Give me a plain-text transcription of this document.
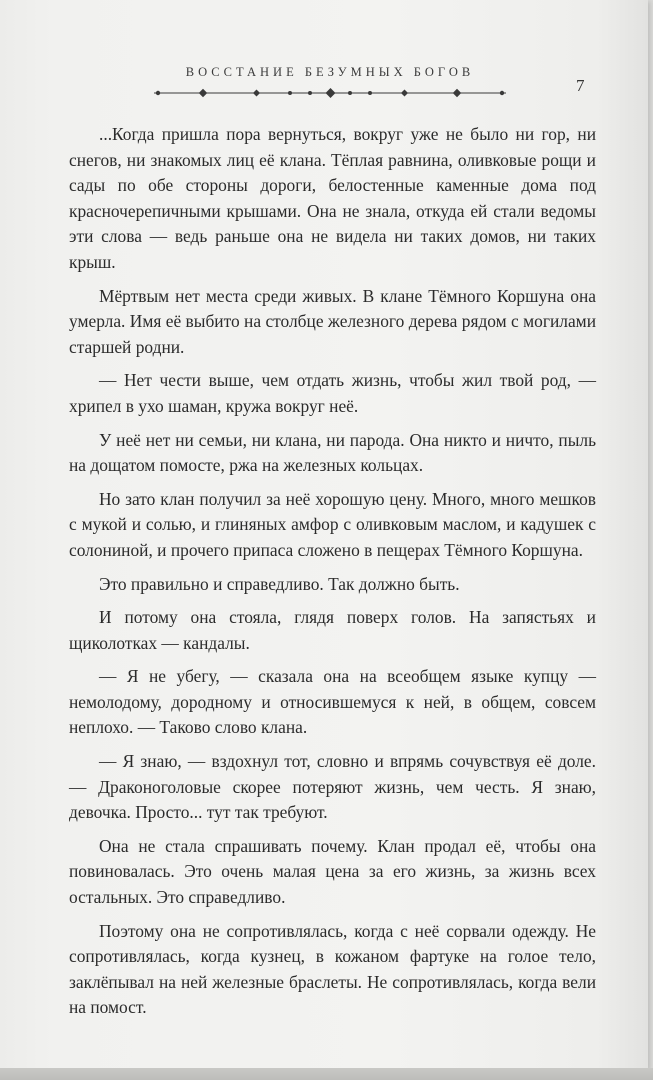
ВОССТАНИЕ БЕЗУМНЫХ БОГОВ
7

...Когда пришла пора вернуться, вокруг уже не было ни гор, ни снегов, ни знакомых лиц её клана. Тёплая равнина, оливковые рощи и сады по обе стороны дороги, белостенные каменные дома под красночерепичными крышами. Она не знала, откуда ей стали ведомы эти слова — ведь раньше она не видела ни таких домов, ни таких крыш.

Мёртвым нет места среди живых. В клане Тёмного Коршуна она умерла. Имя её выбито на столбце железного дерева рядом с могилами старшей родни.

— Нет чести выше, чем отдать жизнь, чтобы жил твой род, — хрипел в ухо шаман, кружа вокруг неё.

У неё нет ни семьи, ни клана, ни парода. Она никто и ничто, пыль на дощатом помосте, ржа на железных кольцах.

Но зато клан получил за неё хорошую цену. Много, много мешков с мукой и солью, и глиняных амфор с оливковым маслом, и кадушек с солониной, и прочего припаса сложено в пещерах Тёмного Коршуна.

Это правильно и справедливо. Так должно быть.

И потому она стояла, глядя поверх голов. На запястьях и щиколотках — кандалы.

— Я не убегу, — сказала она на всеобщем языке купцу — немолодому, дородному и относившемуся к ней, в общем, совсем неплохо. — Таково слово клана.

— Я знаю, — вздохнул тот, словно и впрямь сочувствуя её доле. — Драконоголовые скорее потеряют жизнь, чем честь. Я знаю, девочка. Просто... тут так требуют.

Она не стала спрашивать почему. Клан продал её, чтобы она повиновалась. Это очень малая цена за его жизнь, за жизнь всех остальных. Это справедливо.

Поэтому она не сопротивлялась, когда с неё сорвали одежду. Не сопротивлялась, когда кузнец, в кожаном фартуке на голое тело, заклёпывал на ней железные браслеты. Не сопротивлялась, когда вели на помост.
